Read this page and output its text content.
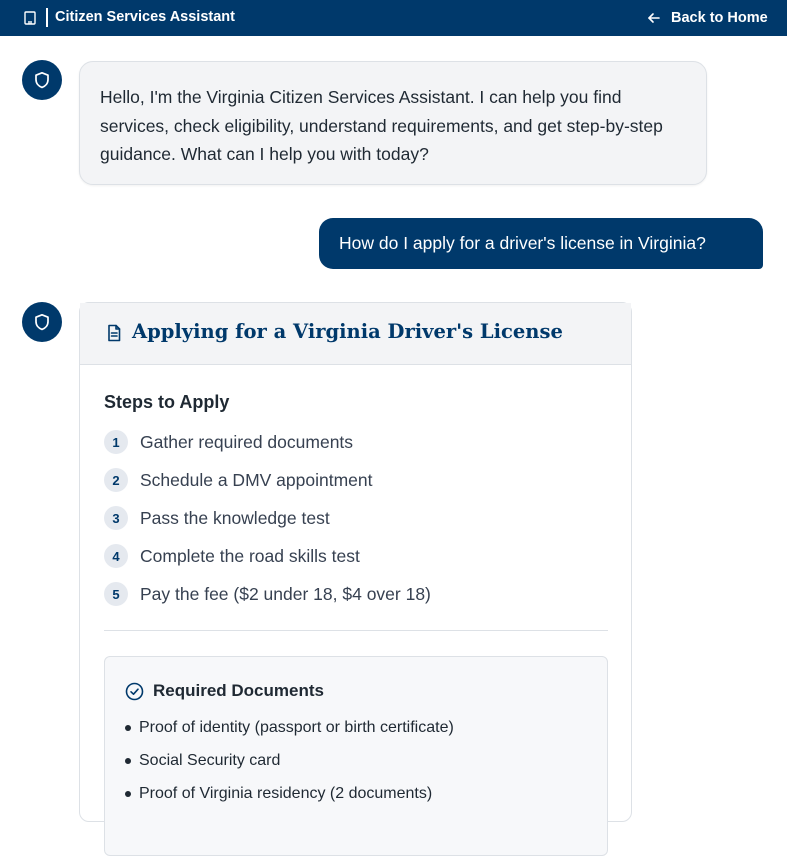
Citizen Services Assistant	Back to Home
Hello, I'm the Virginia Citizen Services Assistant. I can help you find services, check eligibility, understand requirements, and get step-by-step guidance. What can I help you with today?
How do I apply for a driver's license in Virginia?
Applying for a Virginia Driver's License
Steps to Apply
1	Gather required documents
2	Schedule a DMV appointment
3	Pass the knowledge test
4	Complete the road skills test
5	Pay the fee ($2 under 18, $4 over 18)
Required Documents
Proof of identity (passport or birth certificate)
Social Security card
Proof of Virginia residency (2 documents)
